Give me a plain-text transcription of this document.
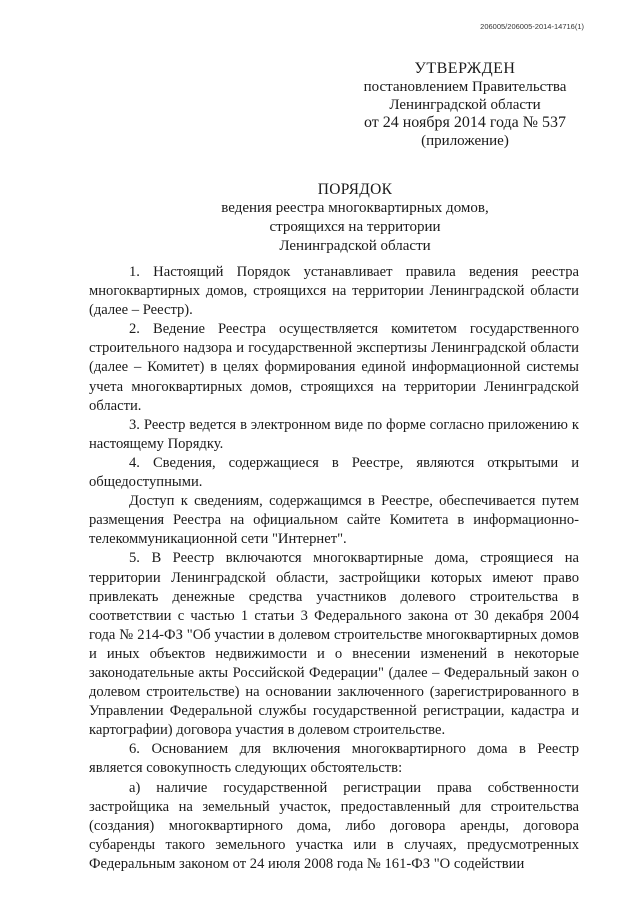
206005/206005-2014-14716(1)
УТВЕРЖДЕН
постановлением Правительства
Ленинградской области
от 24 ноября 2014 года № 537
(приложение)
ПОРЯДОК
ведения реестра многоквартирных домов,
строящихся на территории
Ленинградской области

1. Настоящий Порядок устанавливает правила ведения реестра многоквартирных домов, строящихся на территории Ленинградской области (далее – Реестр).

2. Ведение Реестра осуществляется комитетом государственного строительного надзора и государственной экспертизы Ленинградской области (далее – Комитет) в целях формирования единой информационной системы учета многоквартирных домов, строящихся на территории Ленинградской области.

3. Реестр ведется в электронном виде по форме согласно приложению к настоящему Порядку.

4. Сведения, содержащиеся в Реестре, являются открытыми и общедоступными.

Доступ к сведениям, содержащимся в Реестре, обеспечивается путем размещения Реестра на официальном сайте Комитета в информационно-телекоммуникационной сети "Интернет".

5. В Реестр включаются многоквартирные дома, строящиеся на территории Ленинградской области, застройщики которых имеют право привлекать денежные средства участников долевого строительства в соответствии с частью 1 статьи 3 Федерального закона от 30 декабря 2004 года № 214-ФЗ "Об участии в долевом строительстве многоквартирных домов и иных объектов недвижимости и о внесении изменений в некоторые законодательные акты Российской Федерации" (далее – Федеральный закон о долевом строительстве) на основании заключенного (зарегистрированного в Управлении Федеральной службы государственной регистрации, кадастра и картографии) договора участия в долевом строительстве.

6. Основанием для включения многоквартирного дома в Реестр является совокупность следующих обстоятельств:

а) наличие государственной регистрации права собственности застройщика на земельный участок, предоставленный для строительства (создания) многоквартирного дома, либо договора аренды, договора субаренды такого земельного участка или в случаях, предусмотренных Федеральным законом от 24 июля 2008 года № 161-ФЗ "О содействии
